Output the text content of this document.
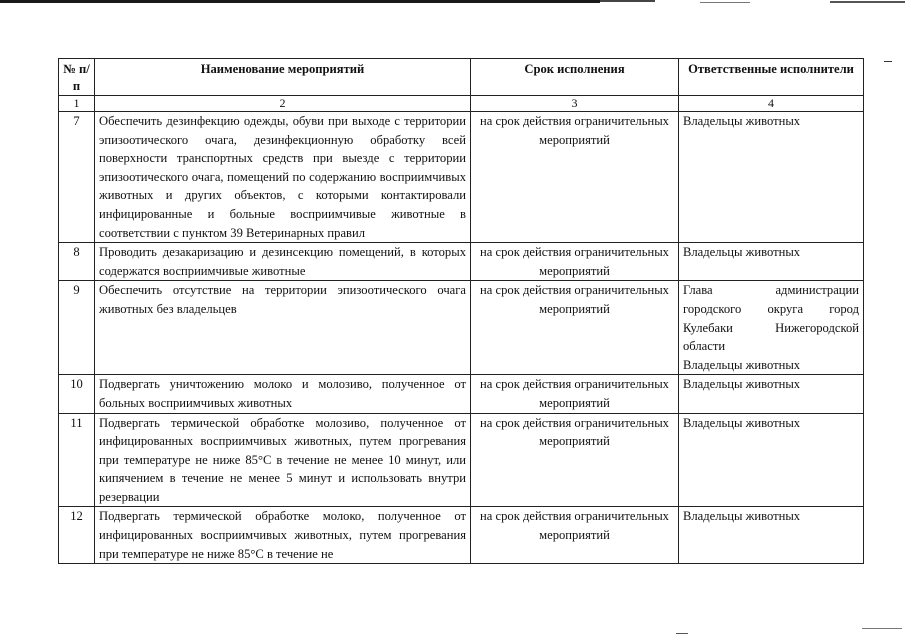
№ п/п	Наименование мероприятий	Срок исполнения	Ответственные исполнители
1	2	3	4
7	Обеспечить дезинфекцию одежды, обуви при выходе с территории эпизоотического очага, дезинфекционную обработку всей поверхности транспортных средств при выезде с территории эпизоотического очага, помещений по содержанию восприимчивых животных и других объектов, с которыми контактировали инфицированные и больные восприимчивые животные в соответствии с пунктом 39 Ветеринарных правил	на срок действия ограничительных мероприятий	Владельцы животных
8	Проводить дезакаризацию и дезинсекцию помещений, в которых содержатся восприимчивые животные	на срок действия ограничительных мероприятий	Владельцы животных
9	Обеспечить отсутствие на территории эпизоотического очага животных без владельцев	на срок действия ограничительных мероприятий	Глава администрации городского округа город Кулебаки Нижегородской области
Владельцы животных

10	Подвергать уничтожению молоко и молозиво, полученное от больных восприимчивых животных	на срок действия ограничительных мероприятий	Владельцы животных
11	Подвергать термической обработке молозиво, полученное от инфицированных восприимчивых животных, путем прогревания при температуре не ниже 85°С в течение не менее 10 минут, или кипячением в течение не менее 5 минут и использовать внутри резервации	на срок действия ограничительных мероприятий	Владельцы животных
12	Подвергать термической обработке молоко, полученное от инфицированных восприимчивых животных, путем прогревания при температуре не ниже 85°С в течение не	на срок действия ограничительных мероприятий	Владельцы животных
